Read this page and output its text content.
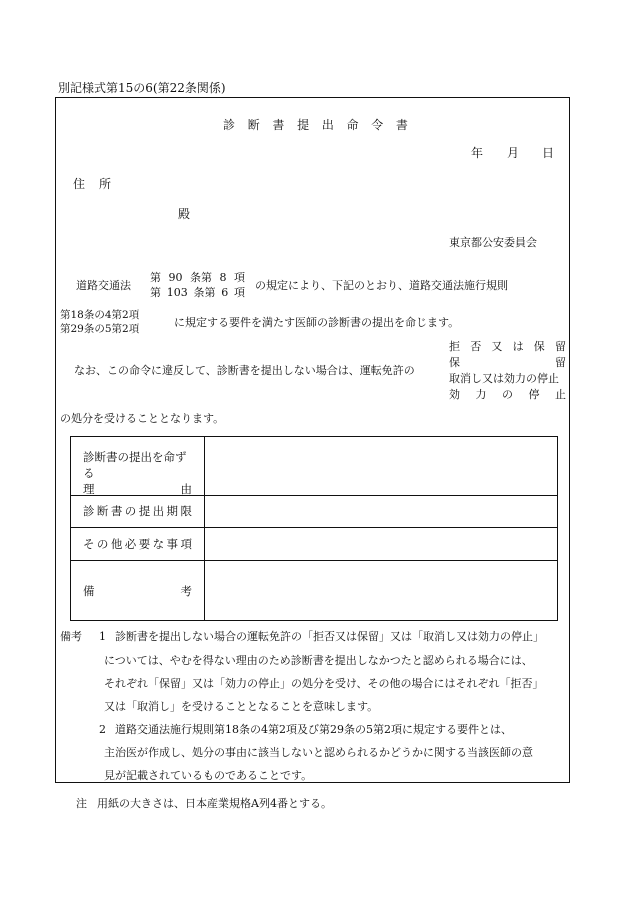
別記様式第15の6(第22条関係)
診 断 書 提 出 命 令 書
年 月 日
住 所
殿
東京都公安委員会
道路交通法
第 90 条第 8 項
第 103 条第 6 項
の規定により、下記のとおり、道路交通法施行規則
第18条の4第2項
第29条の5第2項	に規定する要件を満たす医師の診断書の提出を命じます。
なお、この命令に違反して、診断書を提出しない場合は、運転免許の
拒 否 又 は 保 留
保	留
取消し又は効力の停止
効 力 の 停 止
の処分を受けることとなります。
診断書の提出を命ずる
理	由
診 断 書 の 提 出 期 限
そ の 他 必 要 な 事 項
備	考
備考 1 診断書を提出しない場合の運転免許の「拒否又は保留」又は「取消し又は効力の停止」
については、やむを得ない理由のため診断書を提出しなかつたと認められる場合には、
それぞれ「保留」又は「効力の停止」の処分を受け、その他の場合にはそれぞれ「拒否」
又は「取消し」を受けることとなることを意味します。
2 道路交通法施行規則第18条の4第2項及び第29条の5第2項に規定する要件とは、
主治医が作成し、処分の事由に該当しないと認められるかどうかに関する当該医師の意
見が記載されているものであることです。
注 用紙の大きさは、日本産業規格A列4番とする。
